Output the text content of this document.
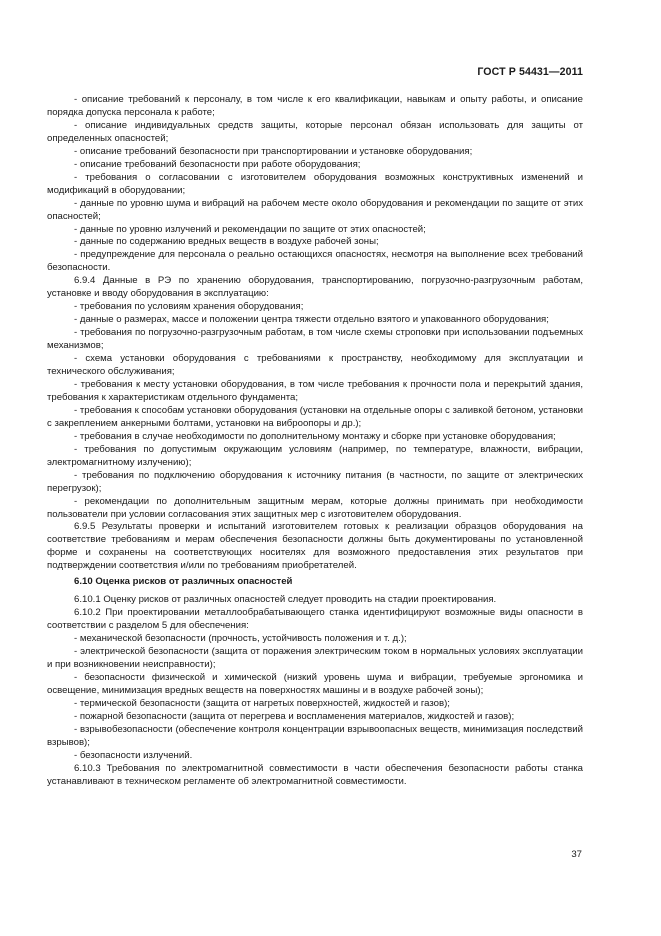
ГОСТ Р 54431—2011

- описание требований к персоналу, в том числе к его квалификации, навыкам и опыту работы, и описание порядка допуска персонала к работе;

- описание индивидуальных средств защиты, которые персонал обязан использовать для защиты от определенных опасностей;

- описание требований безопасности при транспортировании и установке оборудования;

- описание требований безопасности при работе оборудования;

- требования о согласовании с изготовителем оборудования возможных конструктивных изменений и модификаций в оборудовании;

- данные по уровню шума и вибраций на рабочем месте около оборудования и рекомендации по защите от этих опасностей;

- данные по уровню излучений и рекомендации по защите от этих опасностей;

- данные по содержанию вредных веществ в воздухе рабочей зоны;

- предупреждение для персонала о реально остающихся опасностях, несмотря на выполнение всех требований безопасности.

6.9.4 Данные в РЭ по хранению оборудования, транспортированию, погрузочно-разгрузочным работам, установке и вводу оборудования в эксплуатацию:

- требования по условиям хранения оборудования;

- данные о размерах, массе и положении центра тяжести отдельно взятого и упакованного оборудования;

- требования по погрузочно-разгрузочным работам, в том числе схемы строповки при использовании подъемных механизмов;

- схема установки оборудования с требованиями к пространству, необходимому для эксплуатации и технического обслуживания;

- требования к месту установки оборудования, в том числе требования к прочности пола и перекрытий здания, требования к характеристикам отдельного фундамента;

- требования к способам установки оборудования (установки на отдельные опоры с заливкой бетоном, установки с закреплением анкерными болтами, установки на виброопоры и др.);

- требования в случае необходимости по дополнительному монтажу и сборке при установке оборудования;

- требования по допустимым окружающим условиям (например, по температуре, влажности, вибрации, электромагнитному излучению);

- требования по подключению оборудования к источнику питания (в частности, по защите от электрических перегрузок);

- рекомендации по дополнительным защитным мерам, которые должны принимать при необходимости пользователи при условии согласования этих защитных мер с изготовителем оборудования.

6.9.5 Результаты проверки и испытаний изготовителем готовых к реализации образцов оборудования на соответствие требованиям и мерам обеспечения безопасности должны быть документированы по установленной форме и сохранены на соответствующих носителях для возможного предоставления этих результатов при подтверждении соответствия и/или по требованиям приобретателей.

6.10 Оценка рисков от различных опасностей

6.10.1 Оценку рисков от различных опасностей следует проводить на стадии проектирования.

6.10.2 При проектировании металлообрабатывающего станка идентифицируют возможные виды опасности в соответствии с разделом 5 для обеспечения:

- механической безопасности (прочность, устойчивость положения и т. д.);

- электрической безопасности (защита от поражения электрическим током в нормальных условиях эксплуатации и при возникновении неисправности);

- безопасности физической и химической (низкий уровень шума и вибрации, требуемые эргономика и освещение, минимизация вредных веществ на поверхностях машины и в воздухе рабочей зоны);

- термической безопасности (защита от нагретых поверхностей, жидкостей и газов);

- пожарной безопасности (защита от перегрева и воспламенения материалов, жидкостей и газов);

- взрывобезопасности (обеспечение контроля концентрации взрывоопасных веществ, минимизация последствий взрывов);

- безопасности излучений.

6.10.3 Требования по электромагнитной совместимости в части обеспечения безопасности работы станка устанавливают в техническом регламенте об электромагнитной совместимости.

37
